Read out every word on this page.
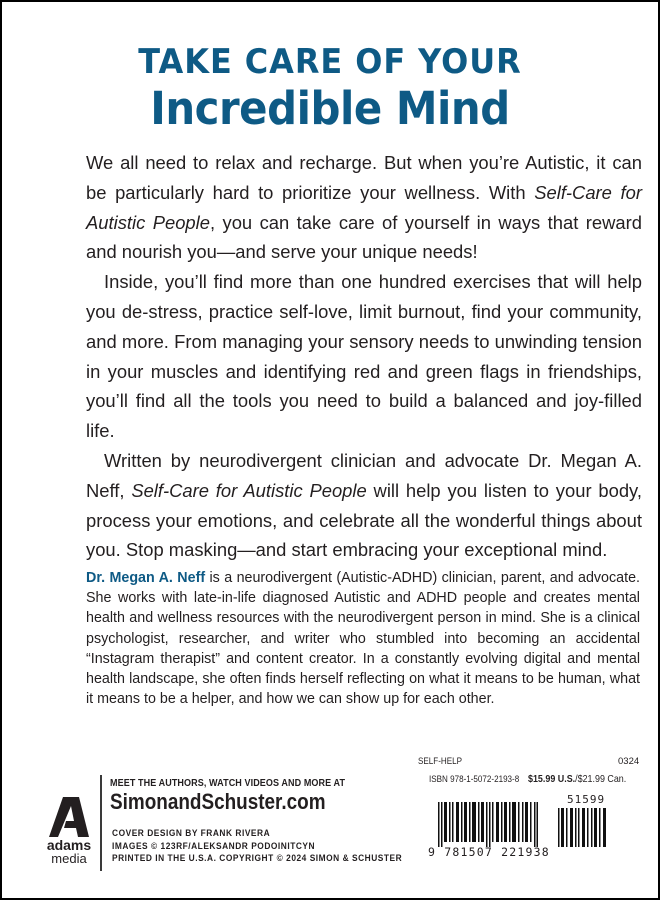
TAKE CARE OF YOUR
Incredible Mind

We all need to relax and recharge. But when you’re Autistic, it can be particularly hard to prioritize your wellness. With Self-Care for Autistic People, you can take care of yourself in ways that reward and nourish you—and serve your unique needs!

Inside, you’ll find more than one hundred exercises that will help you de-stress, practice self-love, limit burnout, find your community, and more. From managing your sensory needs to unwinding tension in your muscles and identifying red and green flags in friendships, you’ll find all the tools you need to build a balanced and joy-filled life.

Written by neurodivergent clinician and advocate Dr. Megan A. Neff, Self-Care for Autistic People will help you listen to your body, process your emotions, and celebrate all the wonderful things about you. Stop masking—and start embracing your exceptional mind.

Dr. Megan A. Neff is a neurodivergent (Autistic-ADHD) clinician, parent, and advocate. She works with late-in-life diagnosed Autistic and ADHD people and creates mental health and wellness resources with the neurodivergent person in mind. She is a clinical psychologist, researcher, and writer who stumbled into becoming an accidental “Instagram therapist” and content creator. In a constantly evolving digital and mental health landscape, she often finds herself reflecting on what it means to be human, what it means to be a helper, and how we can show up for each other.
adams
media
MEET THE AUTHORS, WATCH VIDEOS AND MORE AT
SimonandSchuster.com
COVER DESIGN BY FRANK RIVERA
IMAGES © 123RF/ALEKSANDR PODOINITCYN
PRINTED IN THE U.S.A. COPYRIGHT © 2024 SIMON & SCHUSTER
SELF-HELP	0324
ISBN 978-1-5072-2193-8 $15.99 U.S./$21.99 Can.
9 781507 221938
51599
